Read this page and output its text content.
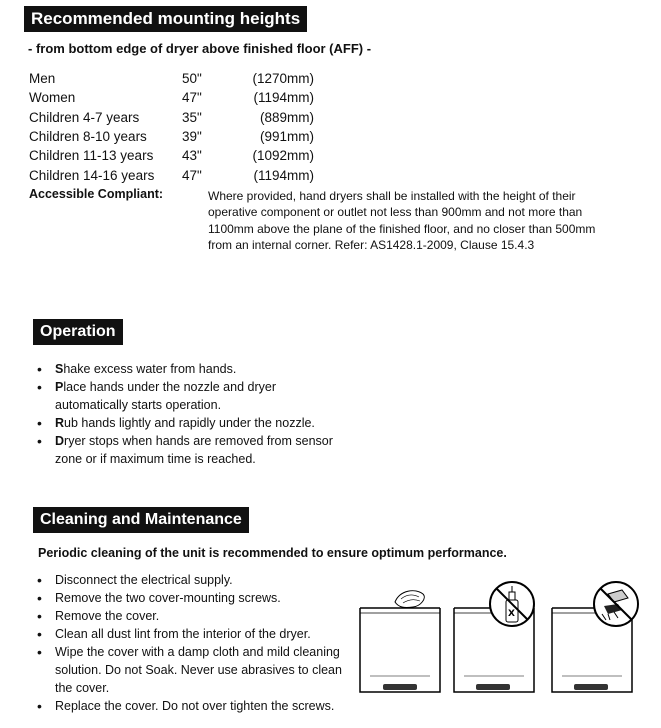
Recommended mounting heights
- from bottom edge of dryer above finished floor (AFF) -
Men	50"	(1270mm)
Women	47"	(1194mm)
Children 4-7 years	35"	(889mm)
Children 8-10 years	39"	(991mm)
Children 11-13 years	43"	(1092mm)
Children 14-16 years	47"	(1194mm)
Accessible Compliant:	Where provided, hand dryers shall be installed with the height of their operative component or outlet not less than 900mm and not more than 1100mm above the plane of the finished floor, and no closer than 500mm from an internal corner. Refer: AS1428.1-2009, Clause 15.4.3
Operation
• Shake excess water from hands.
• Place hands under the nozzle and dryer automatically starts operation.
• Rub hands lightly and rapidly under the nozzle.
• Dryer stops when hands are removed from sensor zone or if maximum time is reached.
Cleaning and Maintenance
Periodic cleaning of the unit is recommended to ensure optimum performance.
• Disconnect the electrical supply.
• Remove the two cover-mounting screws.
• Remove the cover.
• Clean all dust lint from the interior of the dryer.
• Wipe the cover with a damp cloth and mild cleaning solution. Do not Soak. Never use abrasives to clean the cover.
• Replace the cover. Do not over tighten the screws.
X
